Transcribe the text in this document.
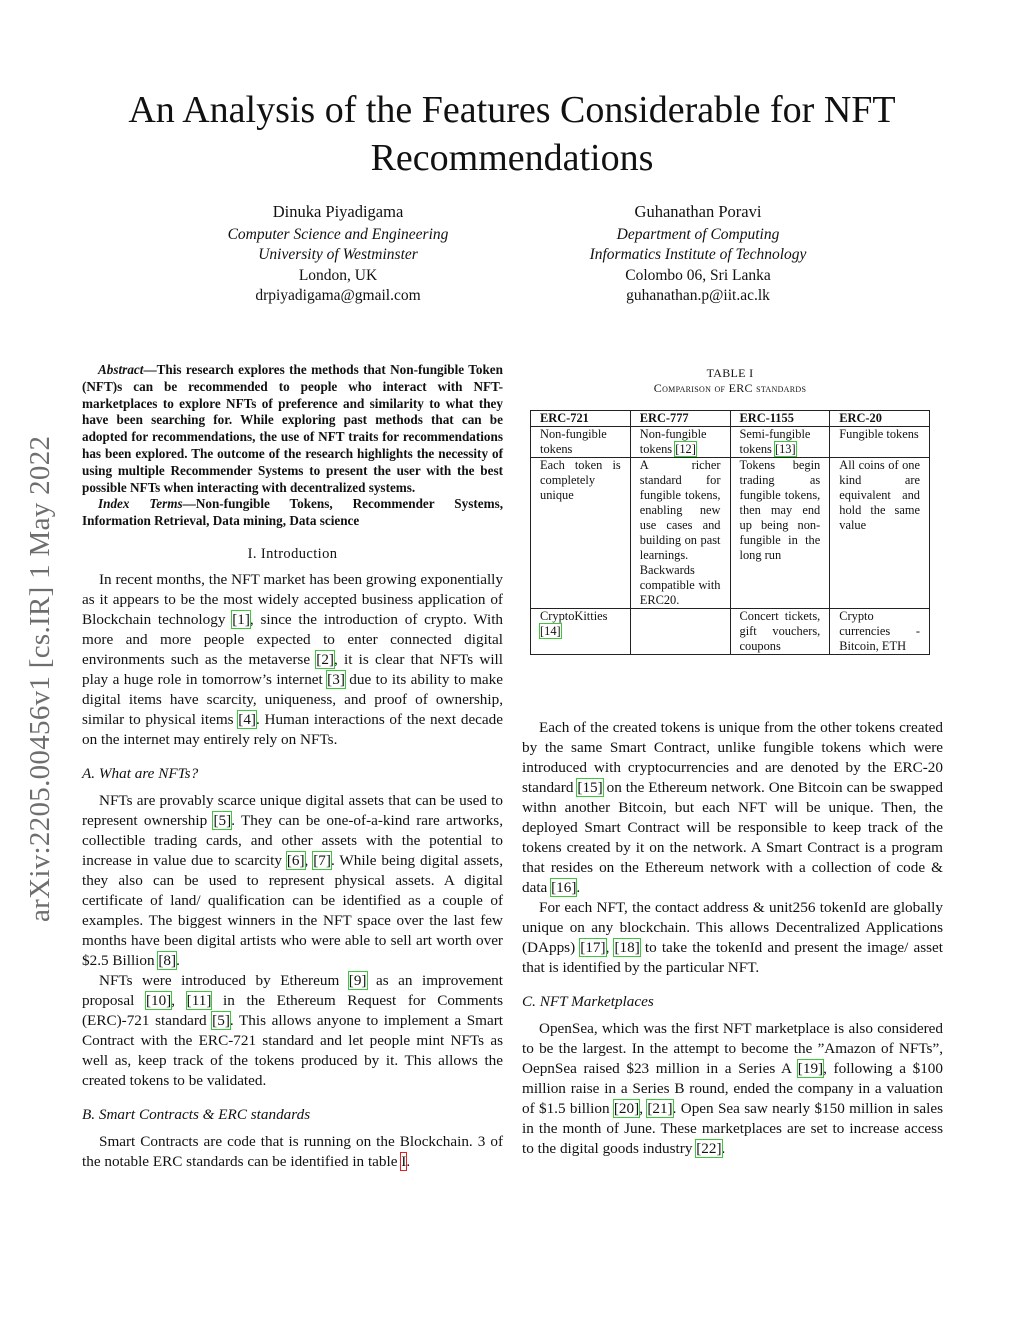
An Analysis of the Features Considerable for NFT Recommendations
Dinuka Piyadigama
Computer Science and Engineering
University of Westminster
London, UK
drpiyadigama@gmail.com
Guhanathan Poravi
Department of Computing
Informatics Institute of Technology
Colombo 06, Sri Lanka
guhanathan.p@iit.ac.lk
arXiv:2205.00456v1 [cs.IR] 1 May 2022

Abstract—This research explores the methods that Non-fungible Token (NFT)s can be recommended to people who interact with NFT-marketplaces to explore NFTs of preference and similarity to what they have been searching for. While exploring past methods that can be adopted for recommendations, the use of NFT traits for recommendations has been explored. The outcome of the research highlights the necessity of using multiple Recommender Systems to present the user with the best possible NFTs when interacting with decentralized systems.

Index Terms—Non-fungible Tokens, Recommender Systems, Information Retrieval, Data mining, Data science

I. Introduction

In recent months, the NFT market has been growing exponentially as it appears to be the most widely accepted business application of Blockchain technology [1], since the introduction of crypto. With more and more people expected to enter connected digital environments such as the metaverse [2], it is clear that NFTs will play a huge role in tomorrow’s internet [3] due to its ability to make digital items have scarcity, uniqueness, and proof of ownership, similar to physical items [4]. Human interactions of the next decade on the internet may entirely rely on NFTs.

A. What are NFTs?

NFTs are provably scarce unique digital assets that can be used to represent ownership [5]. They can be one-of-a-kind rare artworks, collectible trading cards, and other assets with the potential to increase in value due to scarcity [6], [7]. While being digital assets, they also can be used to represent physical assets. A digital certificate of land/ qualification can be identified as a couple of examples. The biggest winners in the NFT space over the last few months have been digital artists who were able to sell art worth over $2.5 Billion [8].

NFTs were introduced by Ethereum [9] as an improvement proposal [10], [11] in the Ethereum Request for Comments (ERC)-721 standard [5]. This allows anyone to implement a Smart Contract with the ERC-721 standard and let people mint NFTs as well as, keep track of the tokens produced by it. This allows the created tokens to be validated.

B. Smart Contracts & ERC standards

Smart Contracts are code that is running on the Blockchain. 3 of the notable ERC standards can be identified in table I.

TABLE I
Comparison of ERC standards
ERC-721	ERC-777	ERC-1155	ERC-20
Non-fungible tokens	Non-fungible tokens [12]	Semi-fungible tokens [13]	Fungible tokens
Each token is completely unique	A richer standard for fungible tokens, enabling new use cases and building on past learnings. Backwards compatible with ERC20.	Tokens begin trading as fungible tokens, then may end up being non-fungible in the long run	All coins of one kind are equivalent and hold the same value
CryptoKitties [14]		Concert tickets, gift vouchers, coupons	Crypto currencies - Bitcoin, ETH

Each of the created tokens is unique from the other tokens created by the same Smart Contract, unlike fungible tokens which were introduced with cryptocurrencies and are denoted by the ERC-20 standard [15] on the Ethereum network. One Bitcoin can be swapped withn another Bitcoin, but each NFT will be unique. Then, the deployed Smart Contract will be responsible to keep track of the tokens created by it on the network. A Smart Contract is a program that resides on the Ethereum network with a collection of code & data [16].

For each NFT, the contact address & unit256 tokenId are globally unique on any blockchain. This allows Decentralized Applications (DApps) [17], [18] to take the tokenId and present the image/ asset that is identified by the particular NFT.

C. NFT Marketplaces

OpenSea, which was the first NFT marketplace is also considered to be the largest. In the attempt to become the ”Amazon of NFTs”, OepnSea raised $23 million in a Series A [19], following a $100 million raise in a Series B round, ended the company in a valuation of $1.5 billion [20], [21]. Open Sea saw nearly $150 million in sales in the month of June. These marketplaces are set to increase access to the digital goods industry [22].
